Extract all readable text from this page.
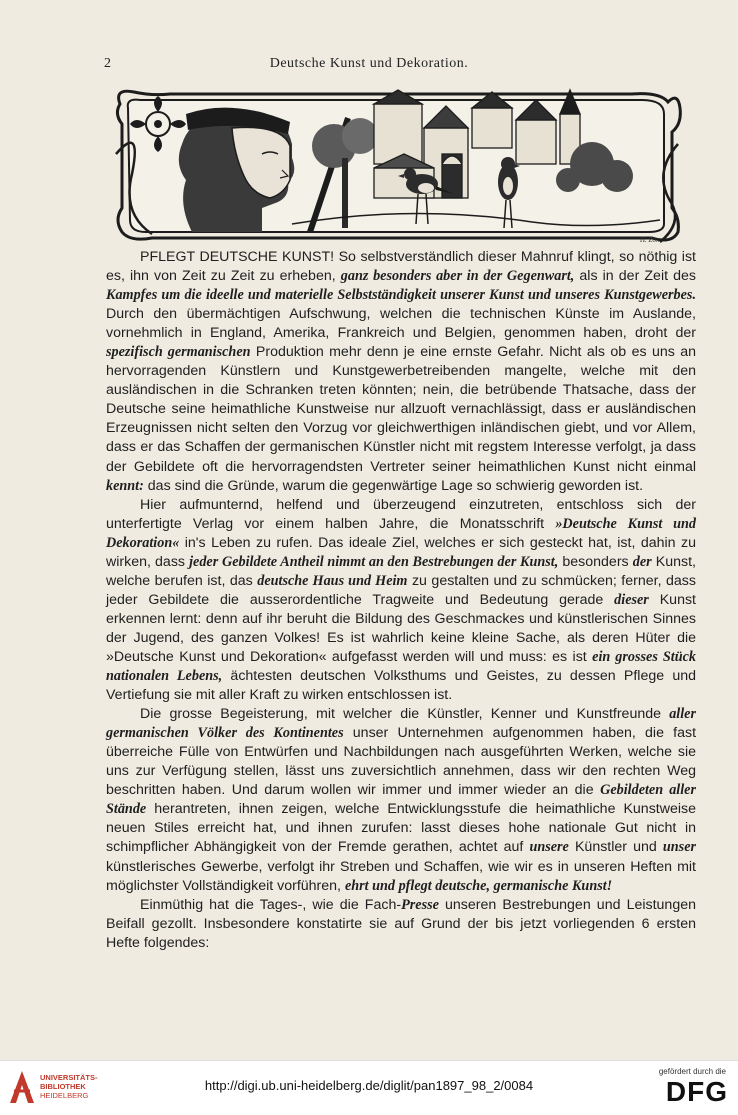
2	Deutsche Kunst und Dekoration.
H. Zo...

PFLEGT DEUTSCHE KUNST! So selbstverständlich dieser Mahnruf klingt, so nöthig ist es, ihn von Zeit zu Zeit zu erheben, ganz besonders aber in der Gegenwart, als in der Zeit des Kampfes um die ideelle und materielle Selbstständigkeit unserer Kunst und unseres Kunstgewerbes. Durch den übermächtigen Aufschwung, welchen die technischen Künste im Auslande, vornehmlich in England, Amerika, Frankreich und Belgien, genommen haben, droht der spezifisch germanischen Produktion mehr denn je eine ernste Gefahr. Nicht als ob es uns an hervorragenden Künstlern und Kunstgewerbetreibenden mangelte, welche mit den ausländischen in die Schranken treten könnten; nein, die betrübende Thatsache, dass der Deutsche seine heimathliche Kunstweise nur allzuoft vernachlässigt, dass er ausländischen Erzeugnissen nicht selten den Vorzug vor gleichwerthigen inländischen giebt, und vor Allem, dass er das Schaffen der germanischen Künstler nicht mit regstem Interesse verfolgt, ja dass der Gebildete oft die hervorragendsten Vertreter seiner heimathlichen Kunst nicht einmal kennt: das sind die Gründe, warum die gegenwärtige Lage so schwierig geworden ist.

Hier aufmunternd, helfend und überzeugend einzutreten, entschloss sich der unterfertigte Verlag vor einem halben Jahre, die Monatsschrift »Deutsche Kunst und Dekoration« in's Leben zu rufen. Das ideale Ziel, welches er sich gesteckt hat, ist, dahin zu wirken, dass jeder Gebildete Antheil nimmt an den Bestrebungen der Kunst, besonders der Kunst, welche berufen ist, das deutsche Haus und Heim zu gestalten und zu schmücken; ferner, dass jeder Gebildete die ausserordentliche Tragweite und Bedeutung gerade dieser Kunst erkennen lernt: denn auf ihr beruht die Bildung des Geschmackes und künstlerischen Sinnes der Jugend, des ganzen Volkes! Es ist wahrlich keine kleine Sache, als deren Hüter die »Deutsche Kunst und Dekoration« aufgefasst werden will und muss: es ist ein grosses Stück nationalen Lebens, ächtesten deutschen Volksthums und Geistes, zu dessen Pflege und Vertiefung sie mit aller Kraft zu wirken entschlossen ist.

Die grosse Begeisterung, mit welcher die Künstler, Kenner und Kunstfreunde aller germanischen Völker des Kontinentes unser Unternehmen aufgenommen haben, die fast überreiche Fülle von Entwürfen und Nachbildungen nach ausgeführten Werken, welche sie uns zur Verfügung stellen, lässt uns zuversichtlich annehmen, dass wir den rechten Weg beschritten haben. Und darum wollen wir immer und immer wieder an die Gebildeten aller Stände herantreten, ihnen zeigen, welche Entwicklungsstufe die heimathliche Kunstweise neuen Stiles erreicht hat, und ihnen zurufen: lasst dieses hohe nationale Gut nicht in schimpflicher Abhängigkeit von der Fremde gerathen, achtet auf unsere Künstler und unser künstlerisches Gewerbe, verfolgt ihr Streben und Schaffen, wie wir es in unseren Heften mit möglichster Vollständigkeit vorführen, ehrt und pflegt deutsche, germanische Kunst!

Einmüthig hat die Tages-, wie die Fach-Presse unseren Bestrebungen und Leistungen Beifall gezollt. Insbesondere konstatirte sie auf Grund der bis jetzt vorliegenden 6 ersten Hefte folgendes:

UNIVERSITÄTS-
BIBLIOTHEK
HEIDELBERG
http://digi.ub.uni-heidelberg.de/diglit/pan1897_98_2/0084
gefördert durch die
DFG
